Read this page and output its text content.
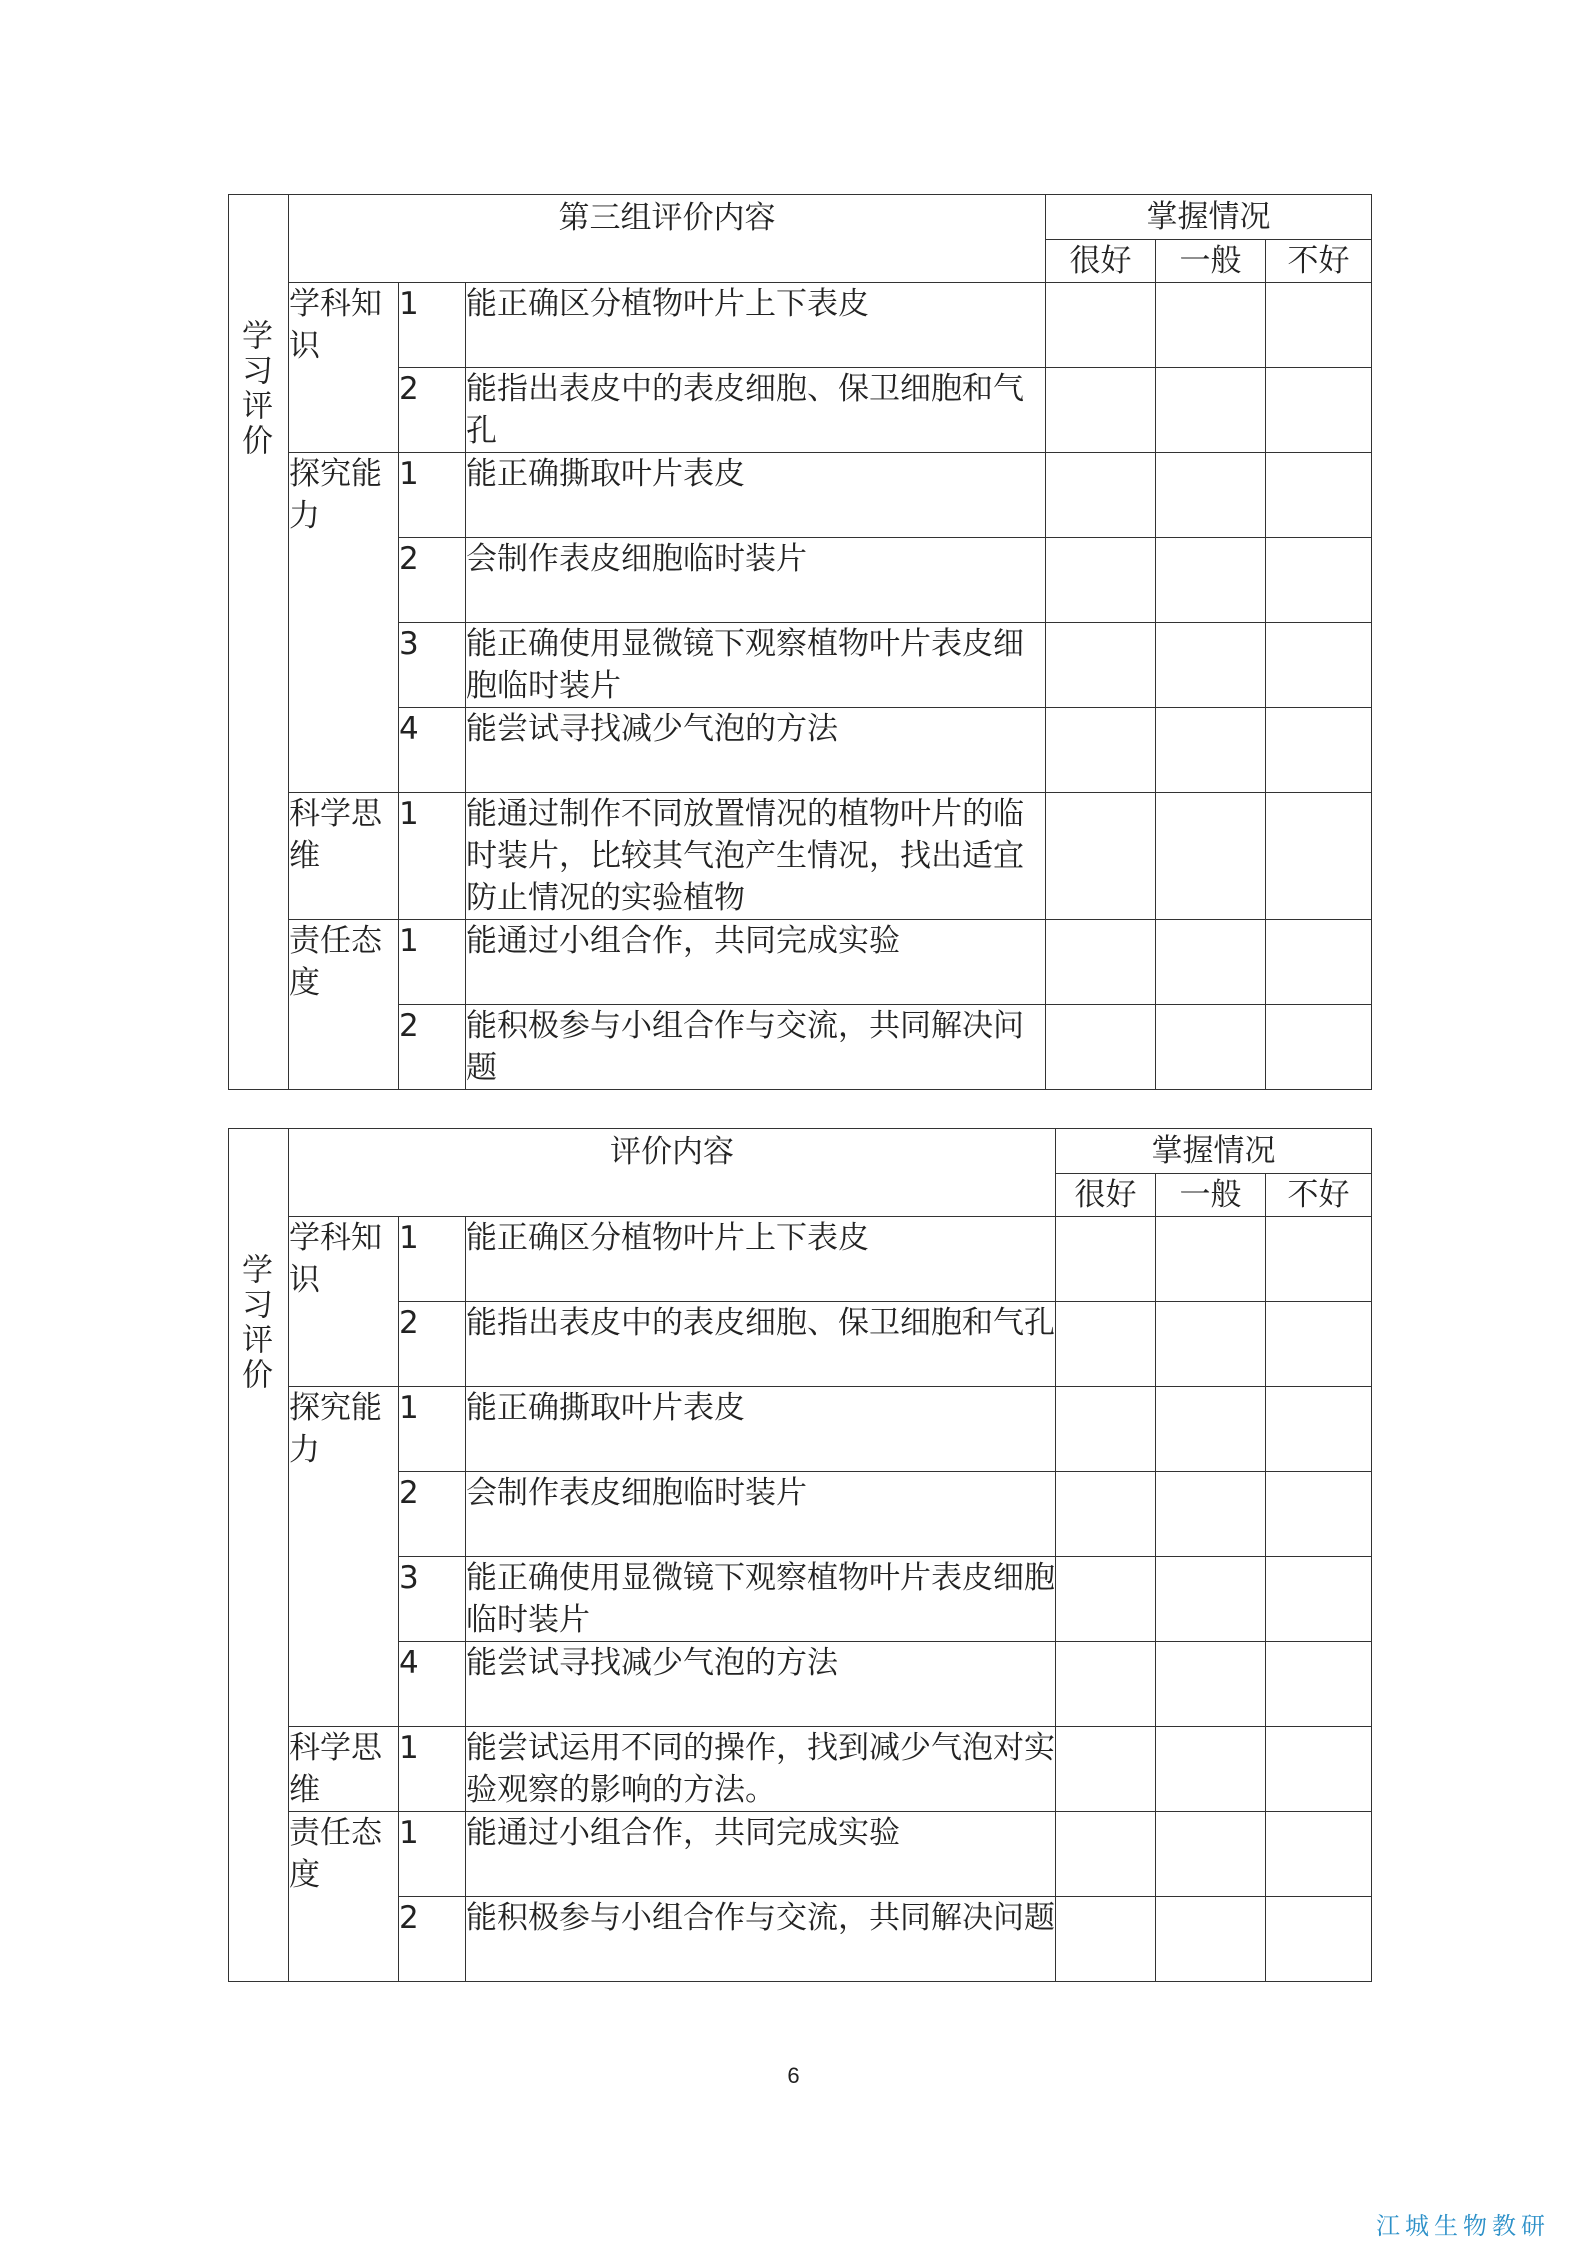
学习评价	第三组评价内容			掌握情况		
				很好	一般	不好
	学科知识	1	能正确区分植物叶片上下表皮			
		2	能指出表皮中的表皮细胞、保卫细胞和气孔			
	探究能力	1	能正确撕取叶片表皮			
		2	会制作表皮细胞临时装片			
		3	能正确使用显微镜下观察植物叶片表皮细胞临时装片			
		4	能尝试寻找减少气泡的方法			
	科学思维	1	能通过制作不同放置情况的植物叶片的临时装片，比较其气泡产生情况，找出适宜防止情况的实验植物			
	责任态度	1	能通过小组合作，共同完成实验			
		2	能积极参与小组合作与交流，共同解决问题			
学习评价	评价内容			掌握情况		
				很好	一般	不好
	学科知识	1	能正确区分植物叶片上下表皮			
		2	能指出表皮中的表皮细胞、保卫细胞和气孔			
	探究能力	1	能正确撕取叶片表皮			
		2	会制作表皮细胞临时装片			
		3	能正确使用显微镜下观察植物叶片表皮细胞临时装片			
		4	能尝试寻找减少气泡的方法			
	科学思维	1	能尝试运用不同的操作，找到减少气泡对实验观察的影响的方法。			
	责任态度	1	能通过小组合作，共同完成实验			
		2	能积极参与小组合作与交流，共同解决问题			
6
江城生物教研
